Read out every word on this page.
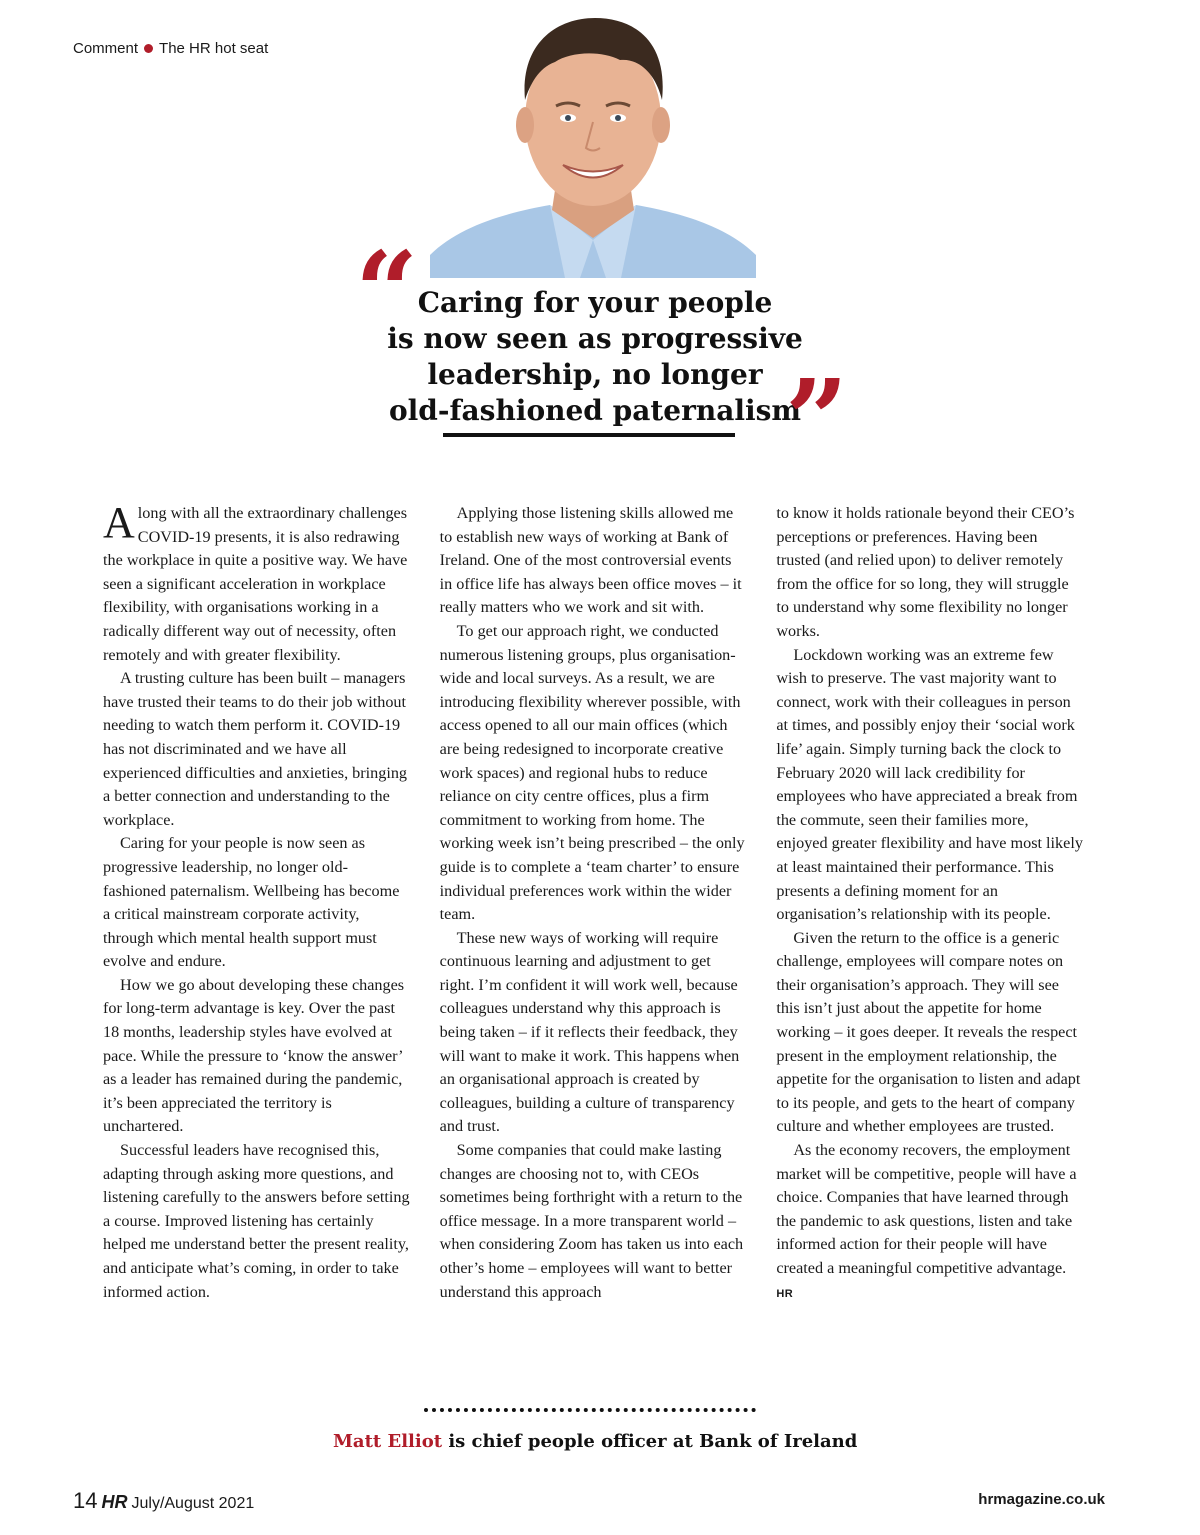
Comment The HR hot seat
“ Caring for your people
is now seen as progressive
leadership, no longer
old-fashioned paternalism
”

Along with all the extraordinary challenges COVID-19 presents, it is also redrawing the workplace in quite a positive way. We have seen a significant acceleration in workplace flexibility, with organisations working in a radically different way out of necessity, often remotely and with greater flexibility.

A trusting culture has been built – managers have trusted their teams to do their job without needing to watch them perform it. COVID-19 has not discriminated and we have all experienced difficulties and anxieties, bringing a better connection and understanding to the workplace.

Caring for your people is now seen as progressive leadership, no longer old-fashioned paternalism. Wellbeing has become a critical mainstream corporate activity, through which mental health support must evolve and endure.

How we go about developing these changes for long-term advantage is key. Over the past 18 months, leadership styles have evolved at pace. While the pressure to ‘know the answer’ as a leader has remained during the pandemic, it’s been appreciated the territory is unchartered.

Successful leaders have recognised this, adapting through asking more questions, and listening carefully to the answers before setting a course. Improved listening has certainly helped me understand better the present reality, and anticipate what’s coming, in order to take informed action.

Applying those listening skills allowed me to establish new ways of working at Bank of Ireland. One of the most controversial events in office life has always been office moves – it really matters who we work and sit with.

To get our approach right, we conducted numerous listening groups, plus organisation-wide and local surveys. As a result, we are introducing flexibility wherever possible, with access opened to all our main offices (which are being redesigned to incorporate creative work spaces) and regional hubs to reduce reliance on city centre offices, plus a firm commitment to working from home. The working week isn’t being prescribed – the only guide is to complete a ‘team charter’ to ensure individual preferences work within the wider team.

These new ways of working will require continuous learning and adjustment to get right. I’m confident it will work well, because colleagues understand why this approach is being taken – if it reflects their feedback, they will want to make it work. This happens when an organisational approach is created by colleagues, building a culture of transparency and trust.

Some companies that could make lasting changes are choosing not to, with CEOs sometimes being forthright with a return to the office message. In a more transparent world – when considering Zoom has taken us into each other’s home – employees will want to better understand this approach

to know it holds rationale beyond their CEO’s perceptions or preferences. Having been trusted (and relied upon) to deliver remotely from the office for so long, they will struggle to understand why some flexibility no longer works.

Lockdown working was an extreme few wish to preserve. The vast majority want to connect, work with their colleagues in person at times, and possibly enjoy their ‘social work life’ again. Simply turning back the clock to February 2020 will lack credibility for employees who have appreciated a break from the commute, seen their families more, enjoyed greater flexibility and have most likely at least maintained their performance. This presents a defining moment for an organisation’s relationship with its people.

Given the return to the office is a generic challenge, employees will compare notes on their organisation’s approach. They will see this isn’t just about the appetite for home working – it goes deeper. It reveals the respect present in the employment relationship, the appetite for the organisation to listen and adapt to its people, and gets to the heart of company culture and whether employees are trusted.

As the economy recovers, the employment market will be competitive, people will have a choice. Companies that have learned through the pandemic to ask questions, listen and take informed action for their people will have created a meaningful competitive advantage. HR

Matt Elliot is chief people officer at Bank of Ireland
14 HR July/August 2021	hrmagazine.co.uk
